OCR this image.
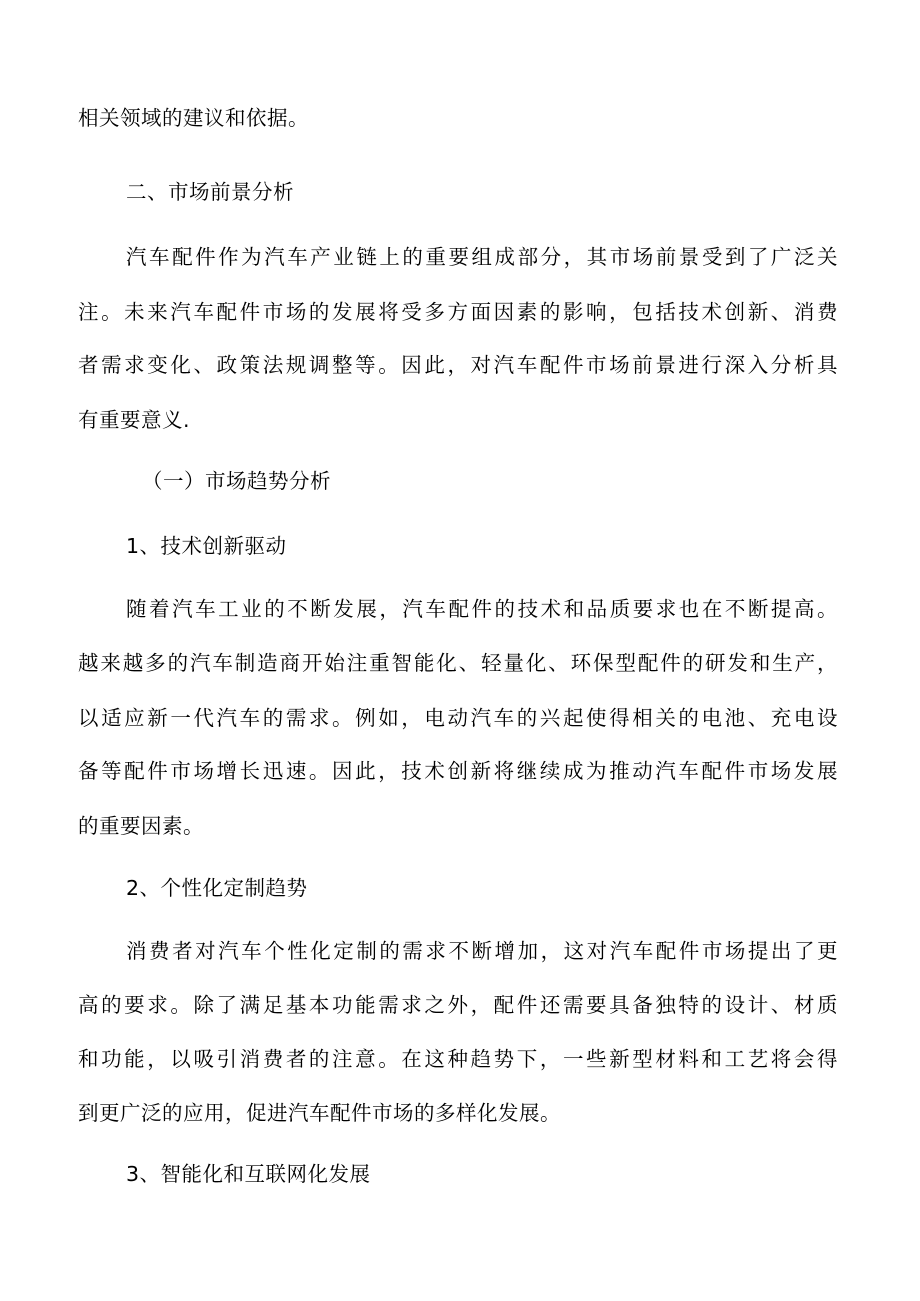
相关领域的建议和依据。
二、市场前景分析
汽车配件作为汽车产业链上的重要组成部分，其市场前景受到了广泛关
注。未来汽车配件市场的发展将受多方面因素的影响，包括技术创新、消费
者需求变化、政策法规调整等。因此，对汽车配件市场前景进行深入分析具
有重要意义.
（一）市场趋势分析
1、技术创新驱动
随着汽车工业的不断发展，汽车配件的技术和品质要求也在不断提高。
越来越多的汽车制造商开始注重智能化、轻量化、环保型配件的研发和生产，
以适应新一代汽车的需求。例如，电动汽车的兴起使得相关的电池、充电设
备等配件市场增长迅速。因此，技术创新将继续成为推动汽车配件市场发展
的重要因素。
2、个性化定制趋势
消费者对汽车个性化定制的需求不断增加，这对汽车配件市场提出了更
高的要求。除了满足基本功能需求之外，配件还需要具备独特的设计、材质
和功能，以吸引消费者的注意。在这种趋势下，一些新型材料和工艺将会得
到更广泛的应用，促进汽车配件市场的多样化发展。
3、智能化和互联网化发展
